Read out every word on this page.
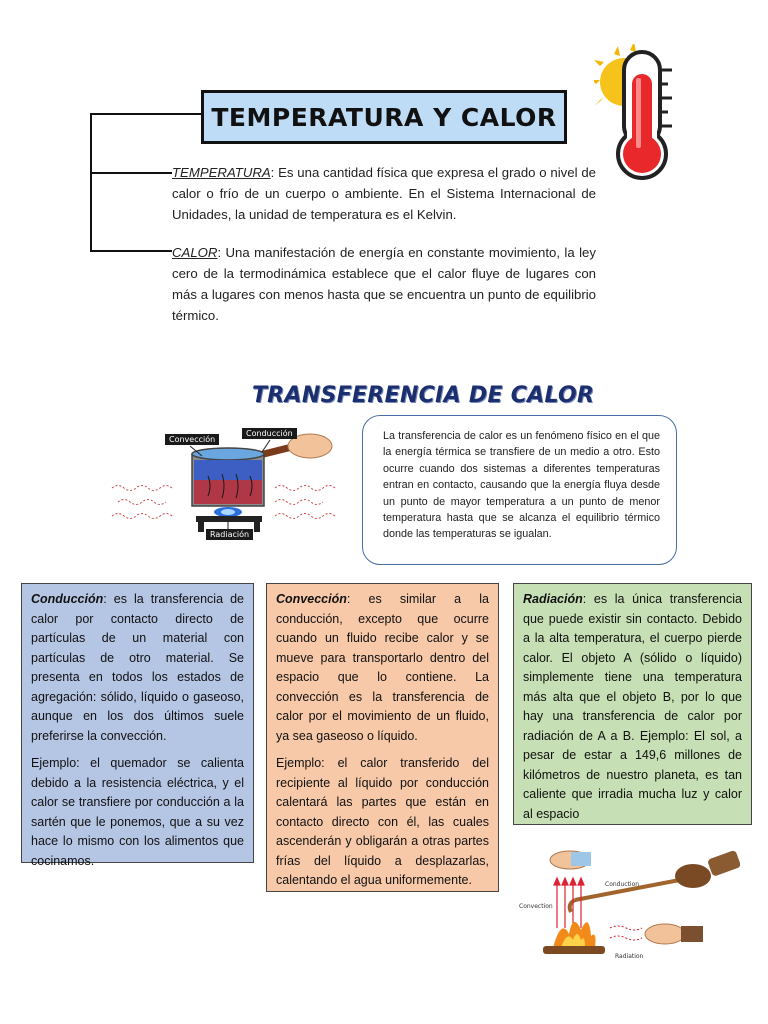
TEMPERATURA Y CALOR
TEMPERATURA: Es una cantidad física que expresa el grado o nivel de calor o frío de un cuerpo o ambiente. En el Sistema Internacional de Unidades, la unidad de temperatura es el Kelvin.
CALOR: Una manifestación de energía en constante movimiento, la ley cero de la termodinámica establece que el calor fluye de lugares con más a lugares con menos hasta que se encuentra un punto de equilibrio térmico.
TRANSFERENCIA DE CALOR
Convección
Conducción
Radiación

La transferencia de calor es un fenómeno físico en el que la energía térmica se transfiere de un medio a otro. Esto ocurre cuando dos sistemas a diferentes temperaturas entran en contacto, causando que la energía fluya desde un punto de mayor temperatura a un punto de menor temperatura hasta que se alcanza el equilibrio térmico donde las temperaturas se igualan.

Conducción: es la transferencia de calor por contacto directo de partículas de un material con partículas de otro material. Se presenta en todos los estados de agregación: sólido, líquido o gaseoso, aunque en los dos últimos suele preferirse la convección.

Ejemplo: el quemador se calienta debido a la resistencia eléctrica, y el calor se transfiere por conducción a la sartén que le ponemos, que a su vez hace lo mismo con los alimentos que cocinamos.

Convección: es similar a la conducción, excepto que ocurre cuando un fluido recibe calor y se mueve para transportarlo dentro del espacio que lo contiene. La convección es la transferencia de calor por el movimiento de un fluido, ya sea gaseoso o líquido.

Ejemplo: el calor transferido del recipiente al líquido por conducción calentará las partes que están en contacto directo con él, las cuales ascenderán y obligarán a otras partes frías del líquido a desplazarlas, calentando el agua uniformemente.

Radiación: es la única transferencia que puede existir sin contacto. Debido a la alta temperatura, el cuerpo pierde calor. El objeto A (sólido o líquido) simplemente tiene una temperatura más alta que el objeto B, por lo que hay una transferencia de calor por radiación de A a B. Ejemplo: El sol, a pesar de estar a 149,6 millones de kilómetros de nuestro planeta, es tan caliente que irradia mucha luz y calor al espacio

Conduction
Convection
Radiation
